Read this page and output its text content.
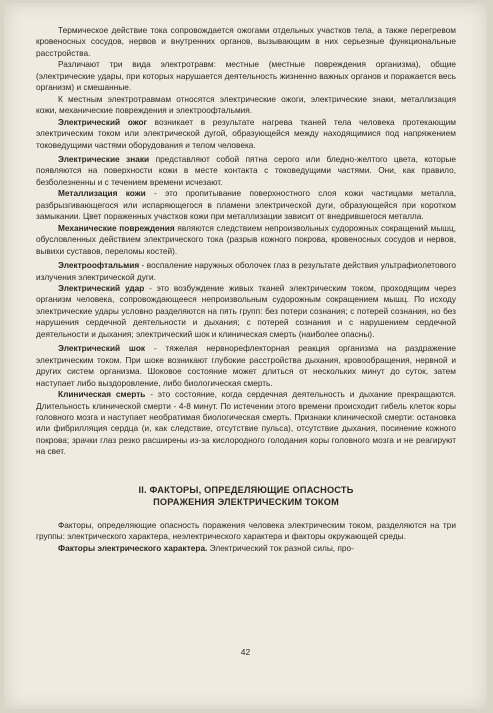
Термическое действие тока сопровождается ожогами отдельных участков тела, а также перегревом кровеносных сосудов, нервов и внутренних органов, вызывающим в них серьезные функциональные расстройства.

Различают три вида электротравм: местные (местные повреждения организма), общие (электрические удары, при которых нарушается деятельность жизненно важных органов и поражается весь организм) и смешанные.

К местным электротравмам относятся электрические ожоги, электрические знаки, металлизация кожи, механические повреждения и электроофтальмия.

Электрический ожог возникает в результате нагрева тканей тела человека протекающим электрическим током или электрической дугой, образующейся между находящимися под напряжением токоведущими частями оборудования и телом человека.

Электрические знаки представляют собой пятна серого или бледно-желтого цвета, которые появляются на поверхности кожи в месте контакта с токоведущими частями. Они, как правило, безболезненны и с течением времени исчезают.

Металлизация кожи - это пропитывание поверхностного слоя кожи частицами металла, разбрызгивающегося или испаряющегося в пламени электрической дуги, образующейся при коротком замыкании. Цвет пораженных участков кожи при металлизации зависит от внедрившегося металла.

Механические повреждения являются следствием непроизвольных судорожных сокращений мышц, обусловленных действием электрического тока (разрыв кожного покрова, кровеносных сосудов и нервов, вывихи суставов, переломы костей).

Электроофтальмия - воспаление наружных оболочек глаз в результате действия ультрафиолетового излучения электрической дуги.

Электрический удар - это возбуждение живых тканей электрическим током, проходящим через организм человека, сопровождающееся непроизвольным судорожным сокращением мышц. По исходу электрические удары условно разделяются на пять групп: без потери сознания; с потерей сознания, но без нарушения сердечной деятельности и дыхания; с потерей сознания и с нарушением сердечной деятельности и дыхания; электрический шок и клиническая смерть (наиболее опасны).

Электрический шок - тяжелая нервнорефлекторная реакция организма на раздражение электрическим током. При шоке возникают глубокие расстройства дыхания, кровообращения, нервной и других систем организма. Шоковое состояние может длиться от нескольких минут до суток, затем наступает либо выздоровление, либо биологическая смерть.

Клиническая смерть - это состояние, когда сердечная деятельность и дыхание прекращаются. Длительность клинической смерти - 4-8 минут. По истечении этого времени происходит гибель клеток коры головного мозга и наступает необратимая биологическая смерть. Признаки клинической смерти: остановка или фибрилляция сердца (и, как следствие, отсутствие пульса), отсутствие дыхания, посинение кожного покрова; зрачки глаз резко расширены из-за кислородного голодания коры головного мозга и не реагируют на свет.

II. ФАКТОРЫ, ОПРЕДЕЛЯЮЩИЕ ОПАСНОСТЬ
ПОРАЖЕНИЯ ЭЛЕКТРИЧЕСКИМ ТОКОМ

Факторы, определяющие опасность поражения человека электрическим током, разделяются на три группы: электрического характера, неэлектрического характера и факторы окружающей среды.

Факторы электрического характера. Электрический ток разной силы, про-

42
